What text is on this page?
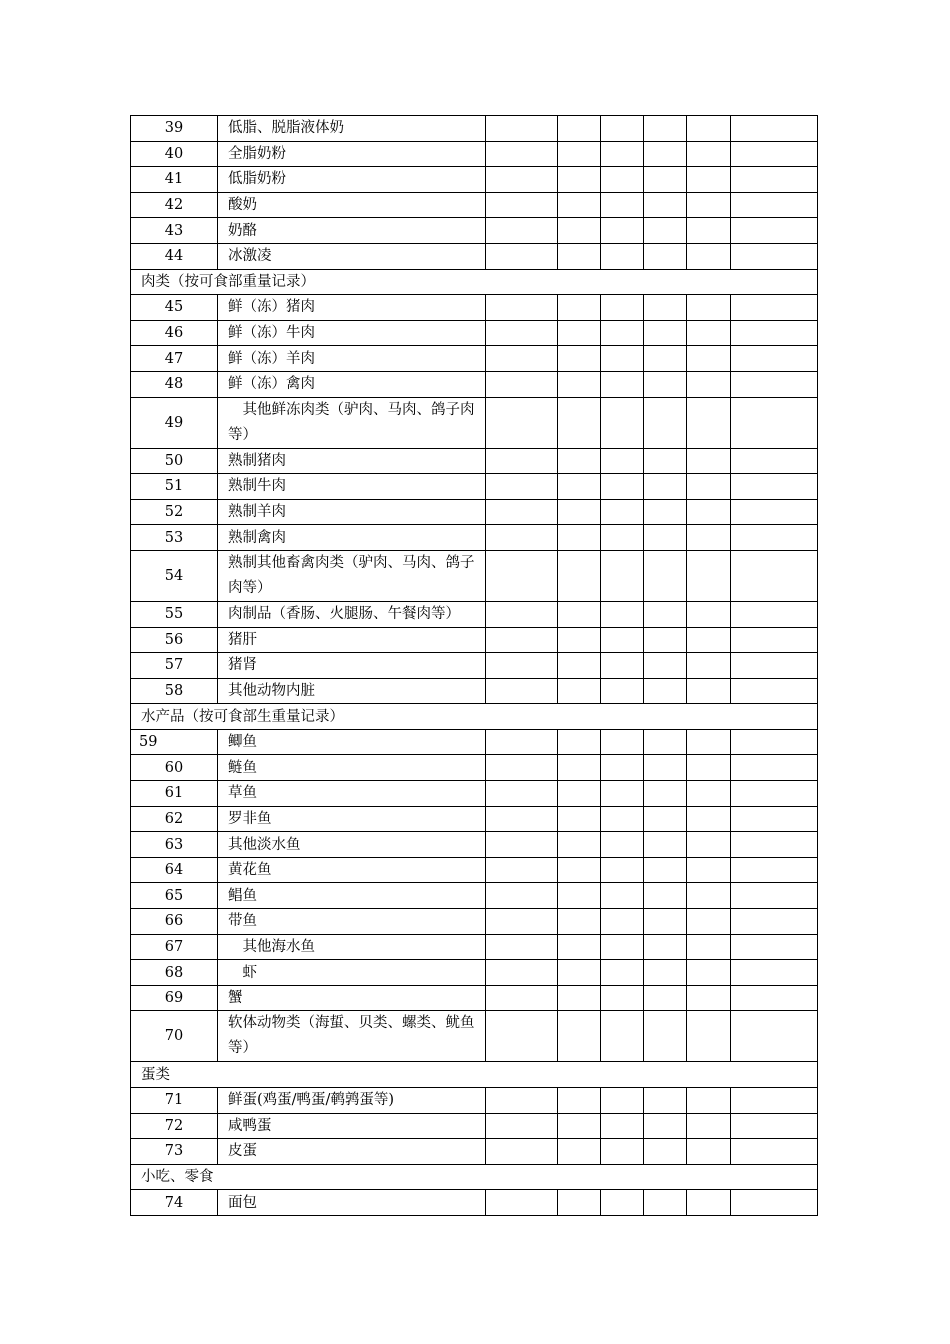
39	低脂、脱脂液体奶						
40	全脂奶粉						
41	低脂奶粉						
42	酸奶						
43	奶酪						
44	冰激凌						
肉类（按可食部重量记录）							
45	鲜（冻）猪肉						
46	鲜（冻）牛肉						
47	鲜（冻）羊肉						
48	鲜（冻）禽肉						
49	　其他鲜冻肉类（驴肉、马肉、鸽子肉等）						
50	熟制猪肉						
51	熟制牛肉						
52	熟制羊肉						
53	熟制禽肉						
54	熟制其他畜禽肉类（驴肉、马肉、鸽子肉等）						
55	肉制品（香肠、火腿肠、午餐肉等）						
56	猪肝						
57	猪肾						
58	其他动物内脏						
水产品（按可食部生重量记录）							
59	鲫鱼						
60	鲢鱼						
61	草鱼						
62	罗非鱼						
63	其他淡水鱼						
64	黄花鱼						
65	鲳鱼						
66	带鱼						
67	　其他海水鱼						
68	　虾						
69	蟹						
70	软体动物类（海蜇、贝类、螺类、鱿鱼等）						
蛋类							
71	鲜蛋(鸡蛋/鸭蛋/鹌鹑蛋等)						
72	咸鸭蛋						
73	皮蛋						
小吃、零食							
74	面包						
